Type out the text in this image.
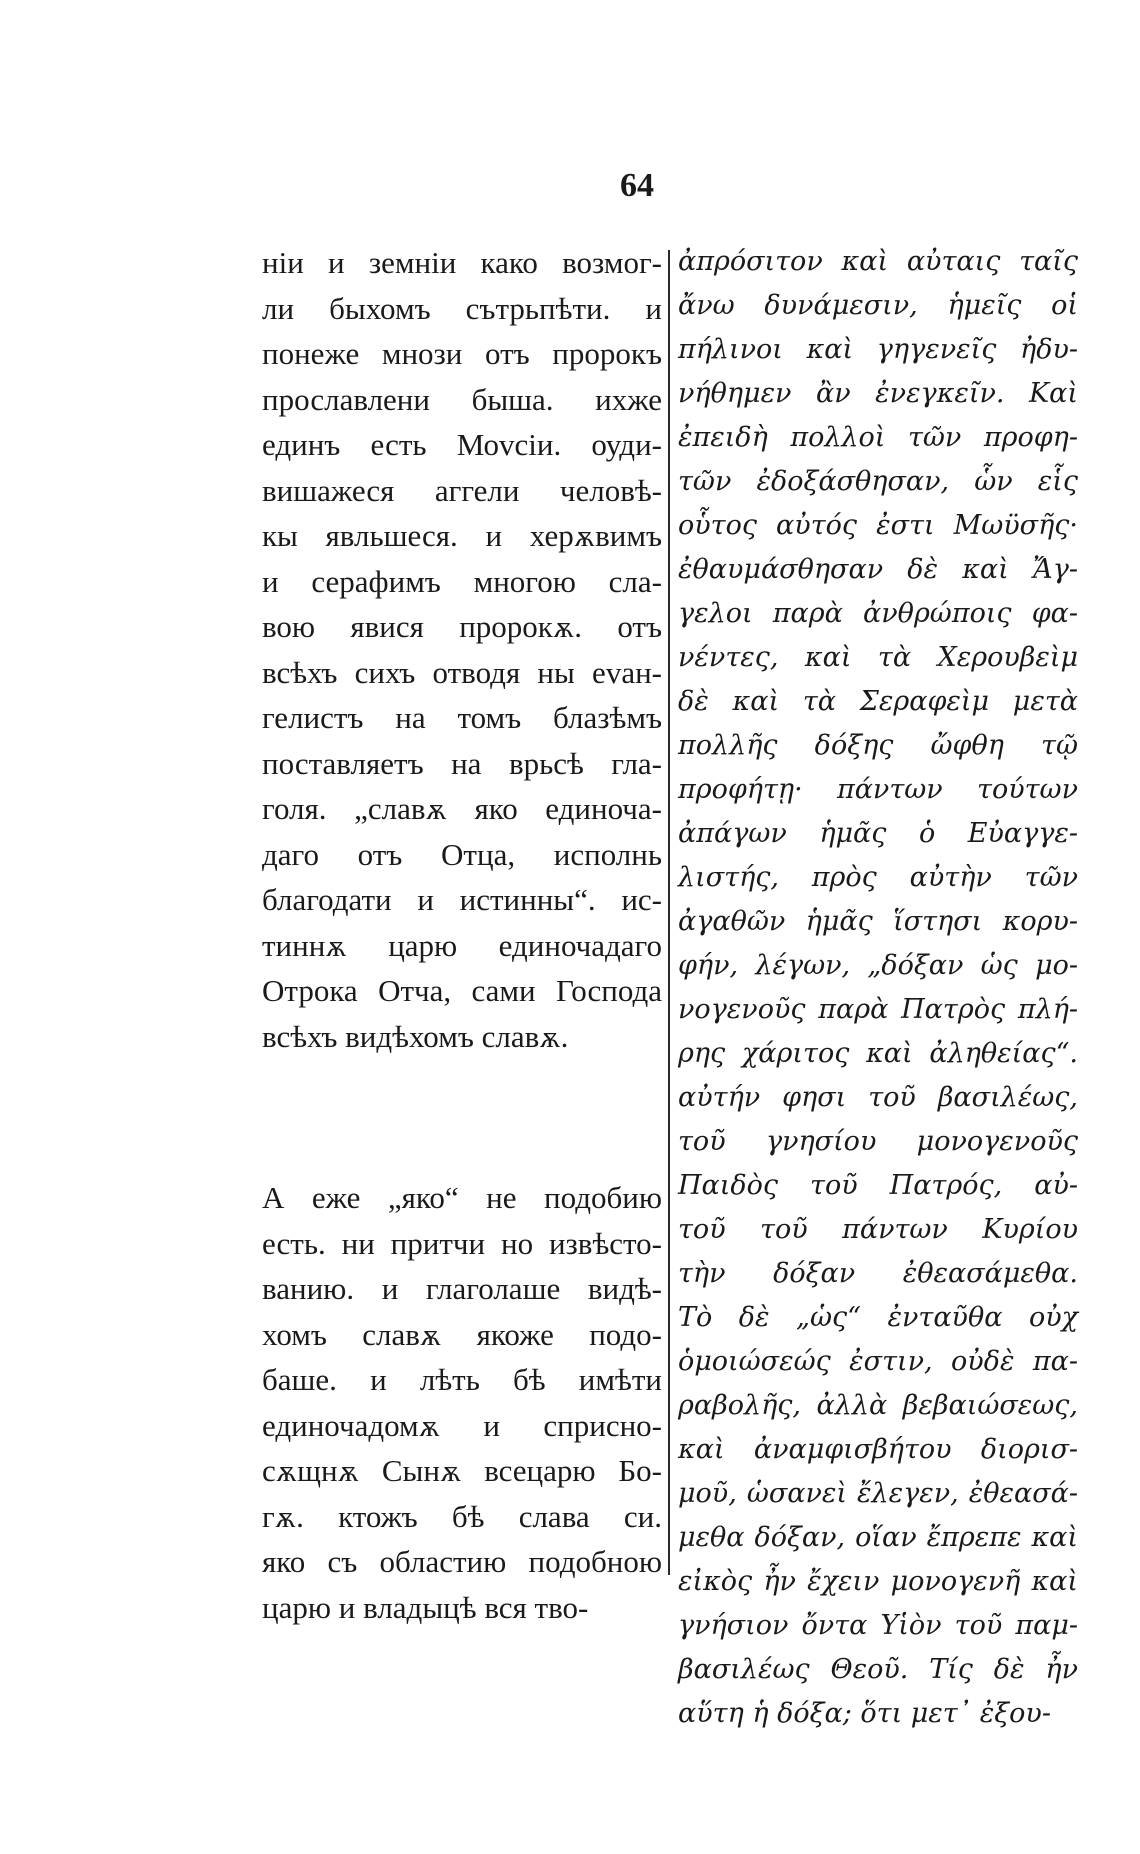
64
ніи и земніи како возмог-
ли быхомъ сътрьпѣти. и
понеже мнози отъ пророкъ
прославлени быша. ихже
единъ есть Моvсіи. оуди-
вишажеся аггели человѣ-
кы явльшеся. и херѫвимъ
и серафимъ многою сла-
вою явися пророкѫ. отъ
всѣхъ сихъ отводя ны еvан-
гелистъ на томъ блазѣмъ
поставляетъ на врьсѣ гла-
голя. „славѫ яко единоча-
даго отъ Отца, исполнь
благодати и истинны“. ис-
тиннѫ царю единочадаго
Отрока Отча, сами Господа
всѣхъ видѣхомъ славѫ.
А еже „яко“ не подобию
есть. ни притчи но извѣсто-
ванию. и глаголаше видѣ-
хомъ славѫ якоже подо-
баше. и лѣть бѣ имѣти
единочадомѫ и сприсно-
сѫщнѫ Сынѫ всецарю Бо-
гѫ. ктожъ бѣ слава си.
яко съ областию подобною
царю и владыцѣ вся тво-
ἀπρόσιτον καὶ αὐταις ταῖς
ἄνω δυνάμεσιν, ἡμεῖς οἱ
πήλινοι καὶ γηγενεῖς ἠδυ-
νήθημεν ἂν ἐνεγκεῖν. Καὶ
ἐπειδὴ πολλοὶ τῶν προφη-
τῶν ἐδοξάσθησαν, ὧν εἷς
οὗτος αὐτός ἐστι Μωϋσῆς·
ἐθαυμάσθησαν δὲ καὶ Ἄγ-
γελοι παρὰ ἀνθρώποις φα-
νέντες, καὶ τὰ Χερουβεὶμ
δὲ καὶ τὰ Σεραφεὶμ μετὰ
πολλῆς δόξης ὤφθη τῷ
προφήτῃ· πάντων τούτων
ἀπάγων ἡμᾶς ὁ Εὐαγγε-
λιστής, πρὸς αὐτὴν τῶν
ἀγαθῶν ἡμᾶς ἵστησι κορυ-
φήν, λέγων, „δόξαν ὡς μο-
νογενοῦς παρὰ Πατρὸς πλή-
ρης χάριτος καὶ ἀληθείας“.
αὐτήν φησι τοῦ βασιλέως,
τοῦ γνησίου μονογενοῦς
Παιδὸς τοῦ Πατρός, αὐ-
τοῦ τοῦ πάντων Κυρίου
τὴν δόξαν ἐθεασάμεθα.
Τὸ δὲ „ὡς“ ἐνταῦθα οὐχ
ὁμοιώσεώς ἐστιν, οὐδὲ πα-
ραβολῆς, ἀλλὰ βεβαιώσεως,
καὶ ἀναμφισβήτου διορισ-
μοῦ, ὡσανεὶ ἔλεγεν, ἐθεασά-
μεθα δόξαν, οἵαν ἔπρεπε καὶ
εἰκὸς ἦν ἔχειν μονογενῆ καὶ
γνήσιον ὄντα Υἱὸν τοῦ παμ-
βασιλέως Θεοῦ. Τίς δὲ ἦν
αὕτη ἡ δόξα; ὅτι μετ᾽ ἐξου-
